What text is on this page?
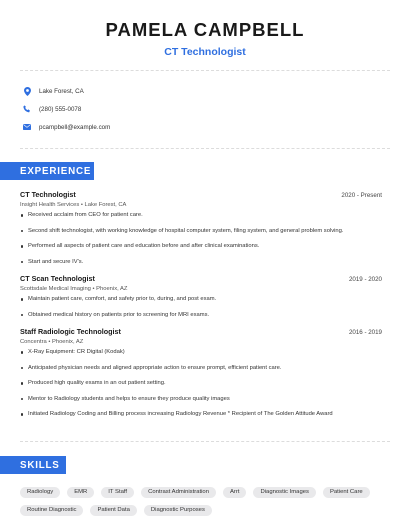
PAMELA CAMPBELL
CT Technologist
Lake Forest, CA
(280) 555-0078
pcampbell@example.com
EXPERIENCE
CT Technologist	2020 - Present
Insight Health Services • Lake Forest, CA
Received acclaim from CEO for patient care.
Second shift technologist, with working knowledge of hospital computer system, filing system, and general problem solving.
Performed all aspects of patient care and education before and after clinical examinations.
Start and secure IV's.
CT Scan Technologist	2019 - 2020
Scottsdale Medical Imaging • Phoenix, AZ
Maintain patient care, comfort, and safety prior to, during, and post exam.
Obtained medical history on patients prior to screening for MRI exams.
Staff Radiologic Technologist	2016 - 2019
Concentra • Phoenix, AZ
X-Ray Equipment: CR Digital (Kodak)
Anticipated physician needs and aligned appropriate action to ensure prompt, efficient patient care.
Produced high quality exams in an out patient setting.
Mentor to Radiology students and helps to ensure they produce quality images
Initiated Radiology Coding and Billing process increasing Radiology Revenue * Recipient of The Golden Attitude Award
SKILLS
Radiology	EMR	IT Staff	Contrast Administration	Arrt	Diagnostic Images	Patient Care
Routine Diagnostic	Patient Data	Diagnostic Purposes
